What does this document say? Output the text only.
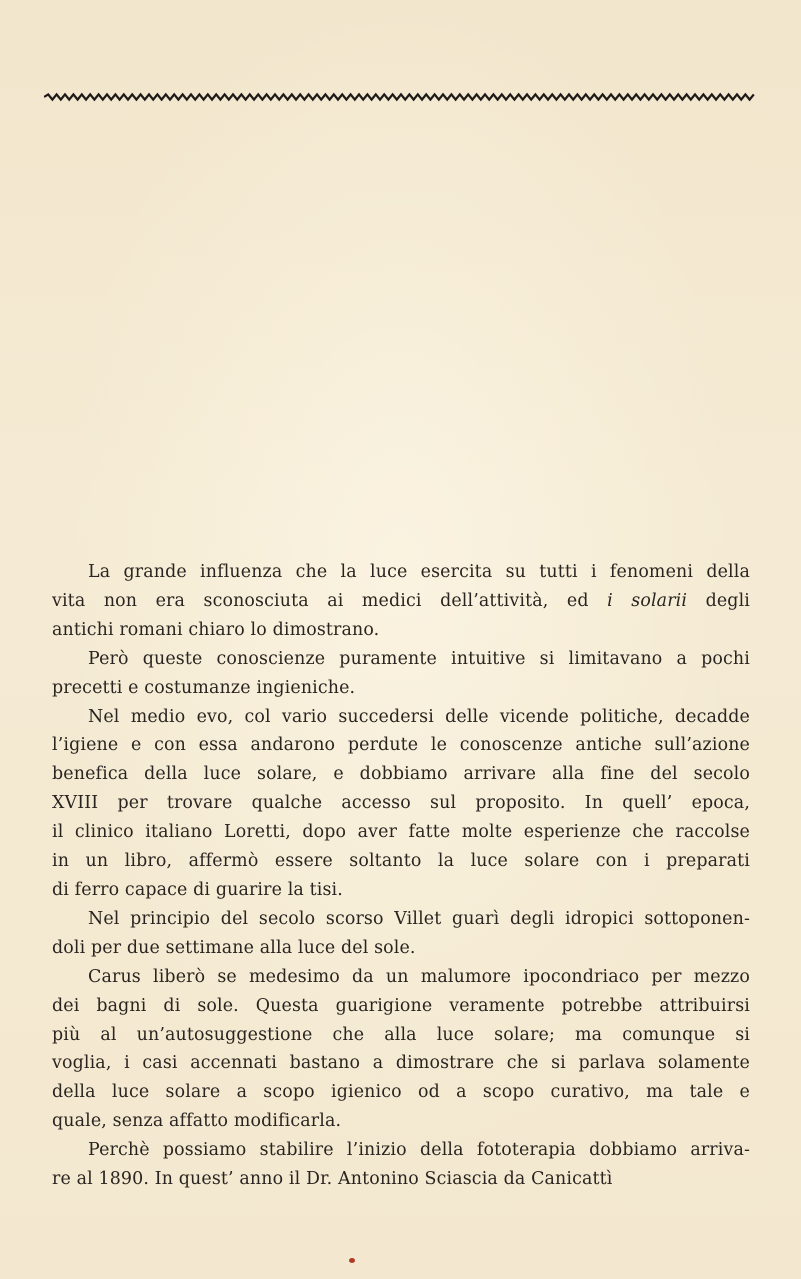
La grande influenza che la luce esercita su tutti i fenomeni della
vita non era sconosciuta ai medici dell’attività, ed i solarii degli
antichi romani chiaro lo dimostrano.
Però queste conoscienze puramente intuitive si limitavano a pochi
precetti e costumanze ingieniche.
Nel medio evo, col vario succedersi delle vicende politiche, decadde
l’igiene e con essa andarono perdute le conoscenze antiche sull’azione
benefica della luce solare, e dobbiamo arrivare alla fine del secolo
XVIII per trovare qualche accesso sul proposito. In quell’ epoca,
il clinico italiano Loretti, dopo aver fatte molte esperienze che raccolse
in un libro, affermò essere soltanto la luce solare con i preparati
di ferro capace di guarire la tisi.
Nel principio del secolo scorso Villet guarì degli idropici sottoponen-
doli per due settimane alla luce del sole.
Carus liberò se medesimo da un malumore ipocondriaco per mezzo
dei bagni di sole. Questa guarigione veramente potrebbe attribuirsi
più al un’autosuggestione che alla luce solare; ma comunque si
voglia, i casi accennati bastano a dimostrare che si parlava solamente
della luce solare a scopo igienico od a scopo curativo, ma tale e
quale, senza affatto modificarla.
Perchè possiamo stabilire l’inizio della fototerapia dobbiamo arriva-
re al 1890. In quest’ anno il Dr. Antonino Sciascia da Canicattì
